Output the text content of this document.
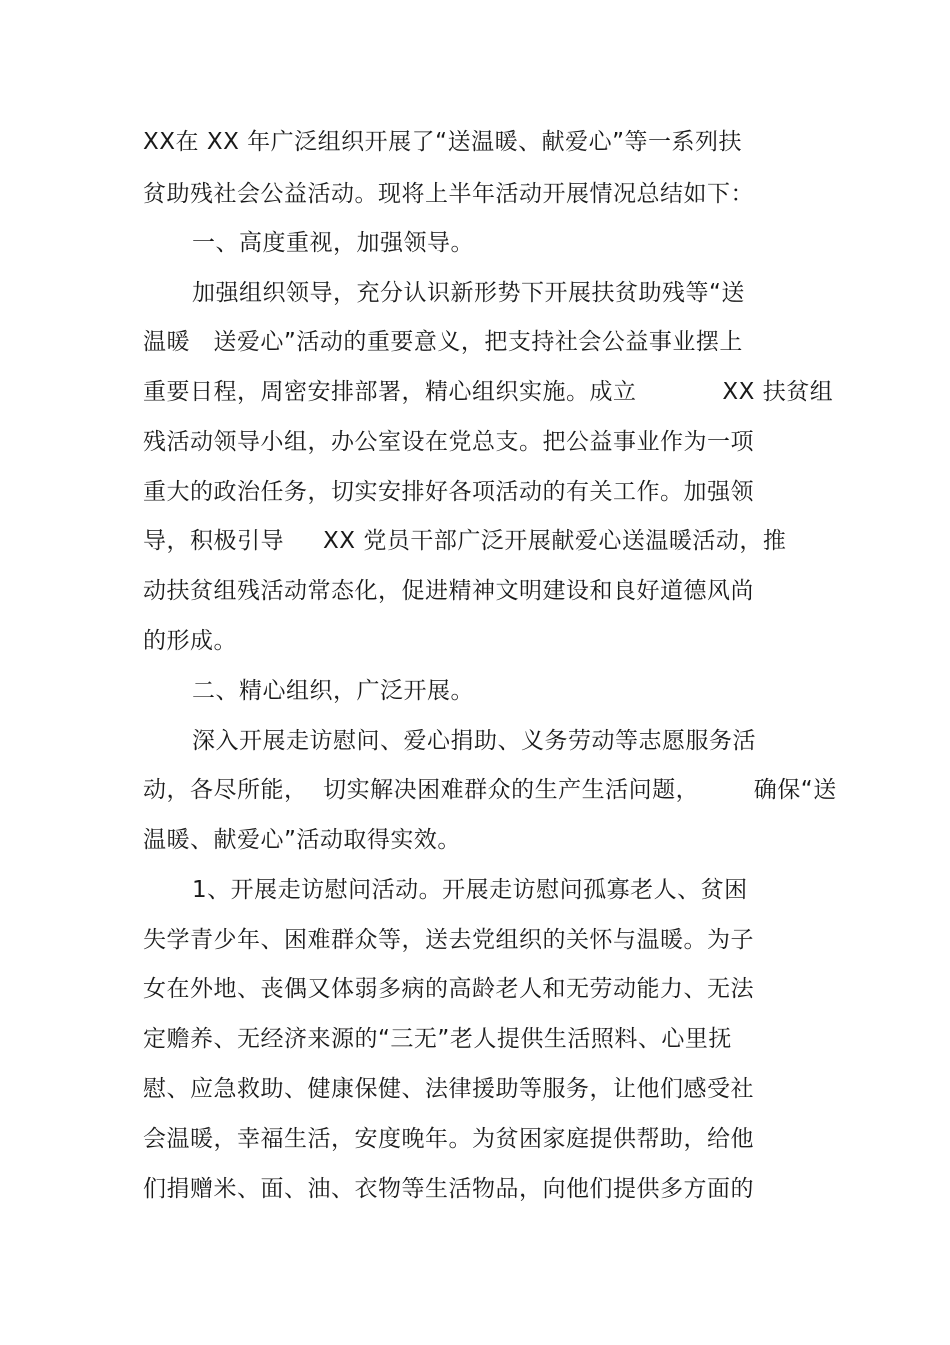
XX在 XX 年广泛组织开展了“送温暖、献爱心”等一系列扶
贫助残社会公益活动。现将上半年活动开展情况总结如下：
一、高度重视，加强领导。
加强组织领导，充分认识新形势下开展扶贫助残等“送
温暖   送爱心”活动的重要意义，把支持社会公益事业摆上
重要日程，周密安排部署，精心组织实施。成立           XX 扶贫组
残活动领导小组，办公室设在党总支。把公益事业作为一项
重大的政治任务，切实安排好各项活动的有关工作。加强领
导，积极引导     XX 党员干部广泛开展献爱心送温暖活动，推
动扶贫组残活动常态化，促进精神文明建设和良好道德风尚
的形成。
二、精心组织，广泛开展。
深入开展走访慰问、爱心捐助、义务劳动等志愿服务活
动，各尽所能，  切实解决困难群众的生产生活问题，       确保“送
温暖、献爱心”活动取得实效。
1、开展走访慰问活动。开展走访慰问孤寡老人、贫困
失学青少年、困难群众等，送去党组织的关怀与温暖。为子
女在外地、丧偶又体弱多病的高龄老人和无劳动能力、无法
定赡养、无经济来源的“三无”老人提供生活照料、心里抚
慰、应急救助、健康保健、法律援助等服务，让他们感受社
会温暖，幸福生活，安度晚年。为贫困家庭提供帮助，给他
们捐赠米、面、油、衣物等生活物品，向他们提供多方面的
